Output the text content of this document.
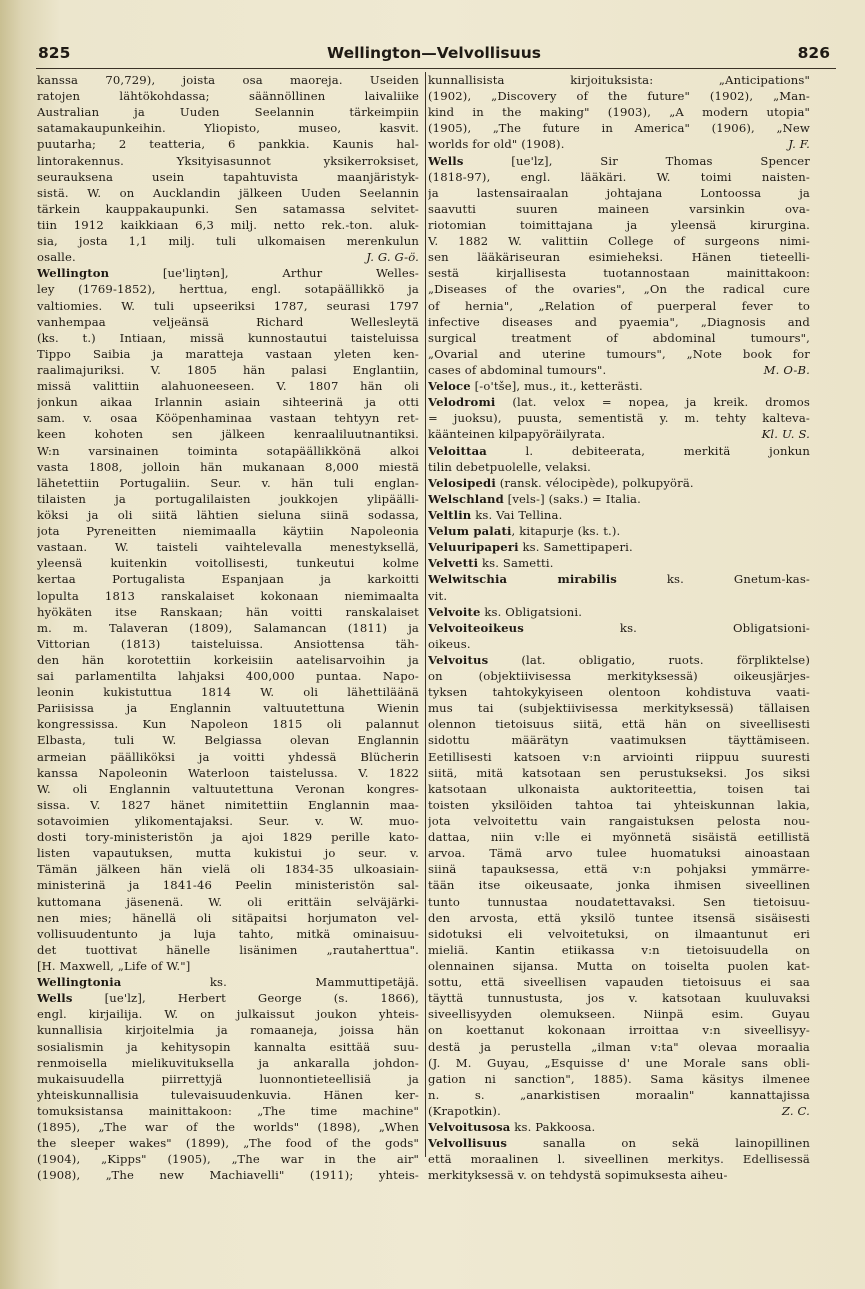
825	Wellington—Velvollisuus	826
kanssa 70,729), joista osa maoreja. Useiden
ratojen lähtökohdassa; säännöllinen laivaliike
Australian ja Uuden Seelannin tärkeimpiin
satamakaupunkeihin. Yliopisto, museo, kasvit.
puutarha; 2 teatteria, 6 pankkia. Kaunis hal-
lintorakennus. Yksityisasunnot yksikerroksiset,
seurauksena usein tapahtuvista maanjäristyk-
sistä. W. on Aucklandin jälkeen Uuden Seelannin
tärkein kauppakaupunki. Sen satamassa selvitet-
tiin 1912 kaikkiaan 6,3 milj. netto rek.-ton. aluk-
sia, josta 1,1 milj. tuli ulkomaisen merenkulun
osalle.	J. G. G-ö.
Wellington [ue'liŋtən], Arthur Welles-
ley (1769-1852), herttua, engl. sotapäällikkö ja
valtiomies. W. tuli upseeriksi 1787, seurasi 1797
vanhempaa veljeänsä Richard Wellesleytä
(ks. t.) Intiaan, missä kunnostautui taisteluissa
Tippo Saibia ja maratteja vastaan yleten ken-
raalimajuriksi. V. 1805 hän palasi Englantiin,
missä valittiin alahuoneeseen. V. 1807 hän oli
jonkun aikaa Irlannin asiain sihteerinä ja otti
sam. v. osaa Kööpenhaminaa vastaan tehtyyn ret-
keen kohoten sen jälkeen kenraaliluutnantiksi.
W:n varsinainen toiminta sotapäällikkönä alkoi
vasta 1808, jolloin hän mukanaan 8,000 miestä
lähetettiin Portugaliin. Seur. v. hän tuli englan-
tilaisten ja portugalilaisten joukkojen ylipäälli-
köksi ja oli siitä lähtien sieluna siinä sodassa,
jota Pyreneitten niemimaalla käytiin Napoleonia
vastaan. W. taisteli vaihtelevalla menestyksellä,
yleensä kuitenkin voitollisesti, tunkeutui kolme
kertaa Portugalista Espanjaan ja karkoitti
lopulta 1813 ranskalaiset kokonaan niemimaalta
hyökäten itse Ranskaan; hän voitti ranskalaiset
m. m. Talaveran (1809), Salamancan (1811) ja
Vittorian (1813) taisteluissa. Ansiottensa täh-
den hän korotettiin korkeisiin aatelisarvoihin ja
sai parlamentilta lahjaksi 400,000 puntaa. Napo-
leonin kukistuttua 1814 W. oli lähettiläänä
Pariisissa ja Englannin valtuutettuna Wienin
kongressissa. Kun Napoleon 1815 oli palannut
Elbasta, tuli W. Belgiassa olevan Englannin
armeian päälliköksi ja voitti yhdessä Blücherin
kanssa Napoleonin Waterloon taistelussa. V. 1822
W. oli Englannin valtuutettuna Veronan kongres-
sissa. V. 1827 hänet nimitettiin Englannin maa-
sotavoimien ylikomentajaksi. Seur. v. W. muo-
dosti tory-ministeristön ja ajoi 1829 perille kato-
listen vapautuksen, mutta kukistui jo seur. v.
Tämän jälkeen hän vielä oli 1834-35 ulkoasiain-
ministerinä ja 1841-46 Peelin ministeristön sal-
kuttomana jäsenenä. W. oli erittäin selväjärki-
nen mies; hänellä oli sitäpaitsi horjumaton vel-
vollisuudentunto ja luja tahto, mitkä ominaisuu-
det tuottivat hänelle lisänimen „rautaherttua".
[H. Maxwell, „Life of W."]
Wellingtonia ks. Mammuttipetäjä.
Wells [ue'lz], Herbert George (s. 1866),
engl. kirjailija. W. on julkaissut joukon yhteis-
kunnallisia kirjoitelmia ja romaaneja, joissa hän
sosialismin ja kehitysopin kannalta esittää suu-
renmoisella mielikuvituksella ja ankaralla johdon-
mukaisuudella piirrettyjä luonnontieteellisiä ja
yhteiskunnallisia tulevaisuudenkuvia. Hänen ker-
tomuksistansa mainittakoon: „The time machine"
(1895), „The war of the worlds" (1898), „When
the sleeper wakes" (1899), „The food of the gods"
(1904), „Kipps" (1905), „The war in the air"
(1908), „The new Machiavelli" (1911); yhteis-
kunnallisista kirjoituksista: „Anticipations"
(1902), „Discovery of the future" (1902), „Man-
kind in the making" (1903), „A modern utopia"
(1905), „The future in America" (1906), „New
worlds for old" (1908).	J. F.
Wells [ue'lz], Sir Thomas Spencer
(1818-97), engl. lääkäri. W. toimi naisten-
ja lastensairaalan johtajana Lontoossa ja
saavutti suuren maineen varsinkin ova-
riotomian toimittajana ja yleensä kirurgina.
V. 1882 W. valittiin College of surgeons nimi-
sen lääkäriseuran esimieheksi. Hänen tieteelli-
sestä kirjallisesta tuotannostaan mainittakoon:
„Diseases of the ovaries", „On the radical cure
of hernia", „Relation of puerperal fever to
infective diseases and pyaemia", „Diagnosis and
surgical treatment of abdominal tumours",
„Ovarial and uterine tumours", „Note book for
cases of abdominal tumours".	M. O-B.
Veloce [-o'tše], mus., it., ketterästi.
Velodromi (lat. velox = nopea, ja kreik. dromos
= juoksu), puusta, sementistä y. m. tehty kalteva-
käänteinen kilpapyöräilyrata.	Kl. U. S.
Veloittaa l. debiteerata, merkitä jonkun
tilin debetpuolelle, velaksi.
Velosipedi (ransk. vélocipède), polkupyörä.
Welschland [vels-] (saks.) = Italia.
Veltlin ks. Vai Tellina.
Velum palati, kitapurje (ks. t.).
Veluuripaperi ks. Samettipaperi.
Velvetti ks. Sametti.
Welwitschia mirabilis ks. Gnetum-kas-
vit.
Velvoite ks. Obligatsioni.
Velvoiteoikeus ks. Obligatsioni-
oikeus.
Velvoitus (lat. obligatio, ruots. förpliktelse)
on (objektiivisessa merkityksessä) oikeusjärjes-
tyksen tahtokykyiseen olentoon kohdistuva vaati-
mus tai (subjektiivisessa merkityksessä) tällaisen
olennon tietoisuus siitä, että hän on siveellisesti
sidottu määrätyn vaatimuksen täyttämiseen.
Eetillisesti katsoen v:n arviointi riippuu suuresti
siitä, mitä katsotaan sen perustukseksi. Jos siksi
katsotaan ulkonaista auktoriteettia, toisen tai
toisten yksilöiden tahtoa tai yhteiskunnan lakia,
jota velvoitettu vain rangaistuksen pelosta nou-
dattaa, niin v:lle ei myönnetä sisäistä eetillistä
arvoa. Tämä arvo tulee huomatuksi ainoastaan
siinä tapauksessa, että v:n pohjaksi ymmärre-
tään itse oikeusaate, jonka ihmisen siveellinen
tunto tunnustaa noudatettavaksi. Sen tietoisuu-
den arvosta, että yksilö tuntee itsensä sisäisesti
sidotuksi eli velvoitetuksi, on ilmaantunut eri
mieliä. Kantin etiikassa v:n tietoisuudella on
olennainen sijansa. Mutta on toiselta puolen kat-
sottu, että siveellisen vapauden tietoisuus ei saa
täyttä tunnustusta, jos v. katsotaan kuuluvaksi
siveellisyyden olemukseen. Niinpä esim. Guyau
on koettanut kokonaan irroittaa v:n siveellisyy-
destä ja perustella „ilman v:ta" olevaa moraalia
(J. M. Guyau, „Esquisse d' une Morale sans obli-
gation ni sanction", 1885). Sama käsitys ilmenee
n. s. „anarkistisen moraalin" kannattajissa
(Krapotkin).	Z. C.
Velvoitusosa ks. Pakkoosa.
Velvollisuus sanalla on sekä lainopillinen
että moraalinen l. siveellinen merkitys. Edellisessä
merkityksessä v. on tehdystä sopimuksesta aiheu-
